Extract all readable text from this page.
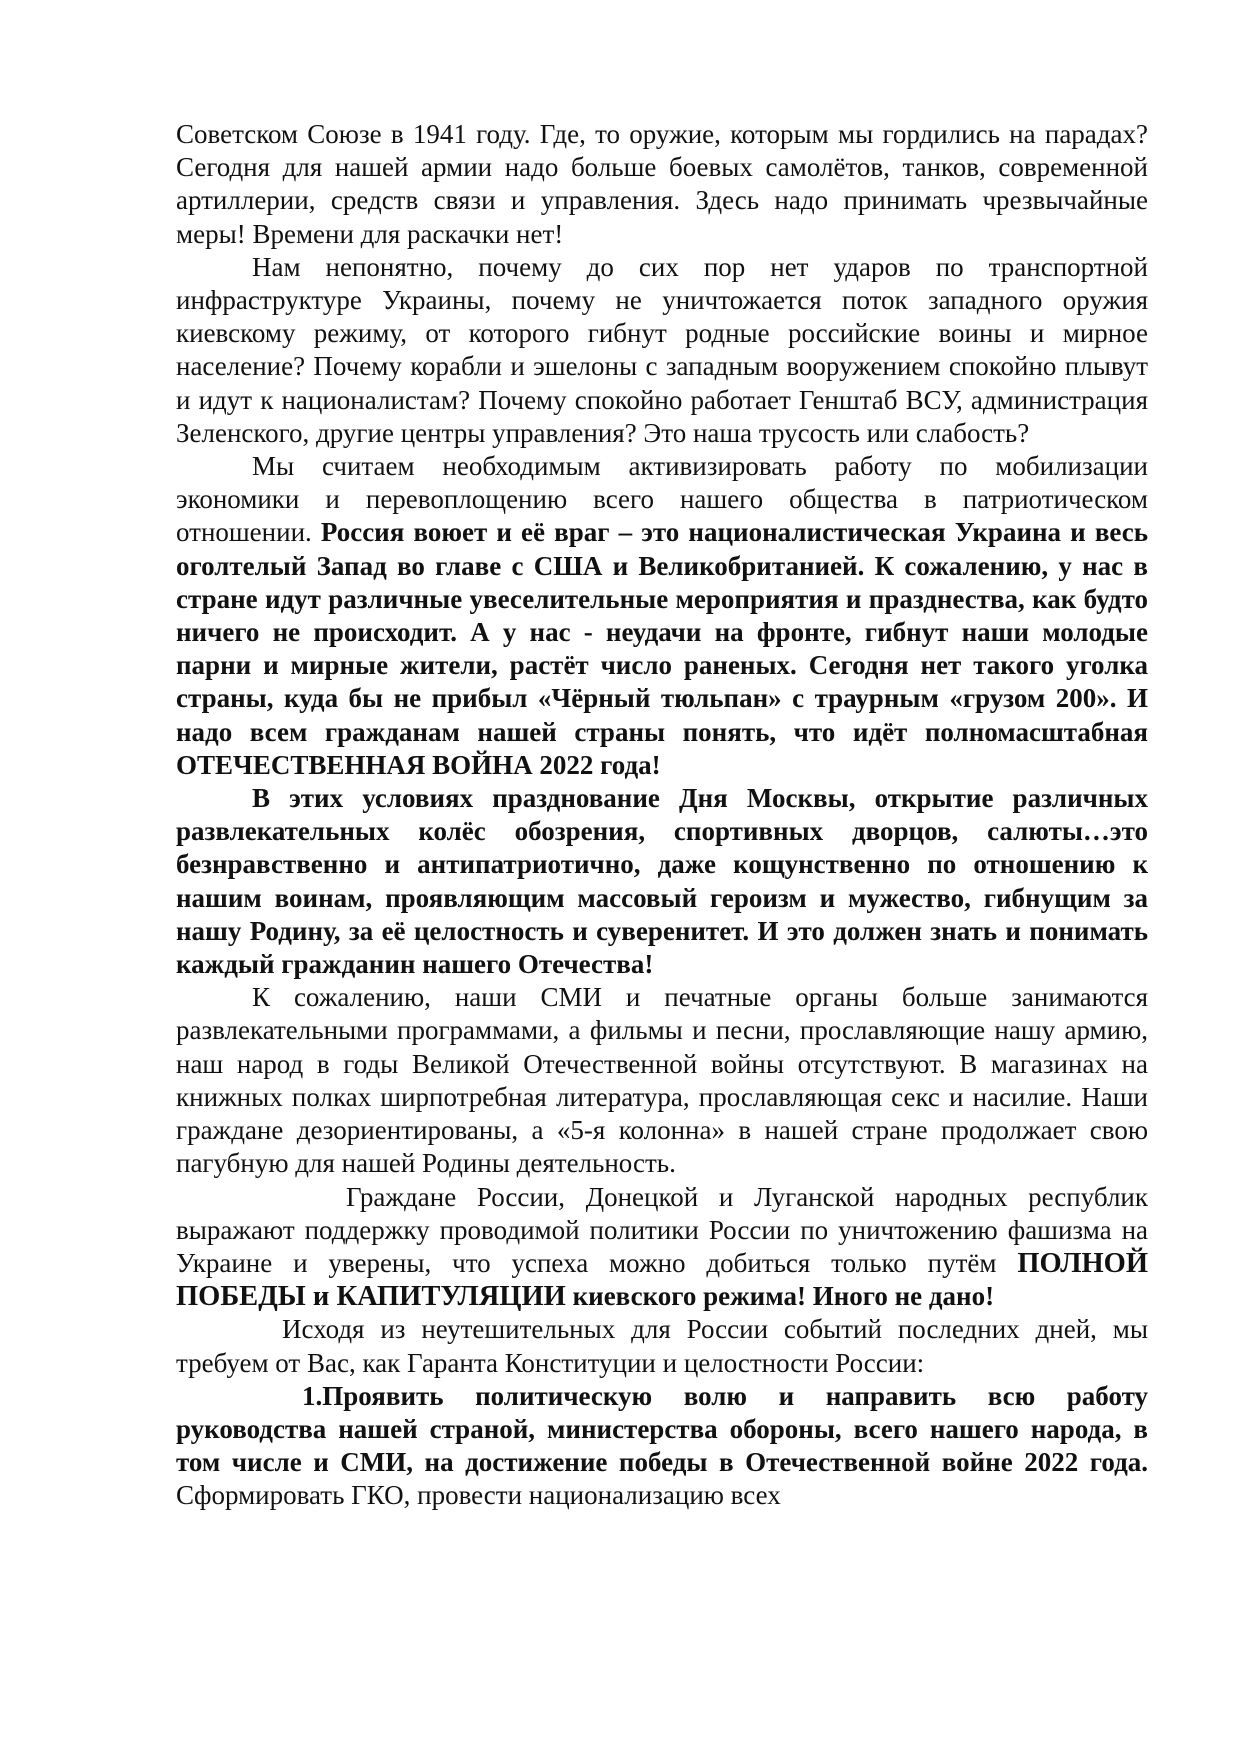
Советском Союзе в 1941 году. Где, то оружие, которым мы гордились на парадах? Сегодня для нашей армии надо больше боевых самолётов, танков, современной артиллерии, средств связи и управления. Здесь надо принимать чрезвычайные меры! Времени для раскачки нет!

Нам непонятно, почему до сих пор нет ударов по транспортной инфраструктуре Украины, почему не уничтожается поток западного оружия киевскому режиму, от которого гибнут родные российские воины и мирное население? Почему корабли и эшелоны с западным вооружением спокойно плывут и идут к националистам? Почему спокойно работает Генштаб ВСУ, администрация Зеленского, другие центры управления? Это наша трусость или слабость?

Мы считаем необходимым активизировать работу по мобилизации экономики и перевоплощению всего нашего общества в патриотическом отношении. Россия воюет и её враг – это националистическая Украина и весь оголтелый Запад во главе с США и Великобританией. К сожалению, у нас в стране идут различные увеселительные мероприятия и празднества, как будто ничего не происходит. А у нас - неудачи на фронте, гибнут наши молодые парни и мирные жители, растёт число раненых. Сегодня нет такого уголка страны, куда бы не прибыл «Чёрный тюльпан» с траурным «грузом 200». И надо всем гражданам нашей страны понять, что идёт полномасштабная ОТЕЧЕСТВЕННАЯ ВОЙНА 2022 года!

В этих условиях празднование Дня Москвы, открытие различных развлекательных колёс обозрения, спортивных дворцов, салюты…это безнравственно и антипатриотично, даже кощунственно по отношению к нашим воинам, проявляющим массовый героизм и мужество, гибнущим за нашу Родину, за её целостность и суверенитет. И это должен знать и понимать каждый гражданин нашего Отечества!

К сожалению, наши СМИ и печатные органы больше занимаются развлекательными программами, а фильмы и песни, прославляющие нашу армию, наш народ в годы Великой Отечественной войны отсутствуют. В магазинах на книжных полках ширпотребная литература, прославляющая секс и насилие. Наши граждане дезориентированы, а «5-я колонна» в нашей стране продолжает свою пагубную для нашей Родины деятельность.

Граждане России, Донецкой и Луганской народных республик выражают поддержку проводимой политики России по уничтожению фашизма на Украине и уверены, что успеха можно добиться только путём ПОЛНОЙ ПОБЕДЫ и КАПИТУЛЯЦИИ киевского режима! Иного не дано!

Исходя из неутешительных для России событий последних дней, мы требуем от Вас, как Гаранта Конституции и целостности России:

1.Проявить политическую волю и направить всю работу руководства нашей страной, министерства обороны, всего нашего народа, в том числе и СМИ, на достижение победы в Отечественной войне 2022 года. Сформировать ГКО, провести национализацию всех
